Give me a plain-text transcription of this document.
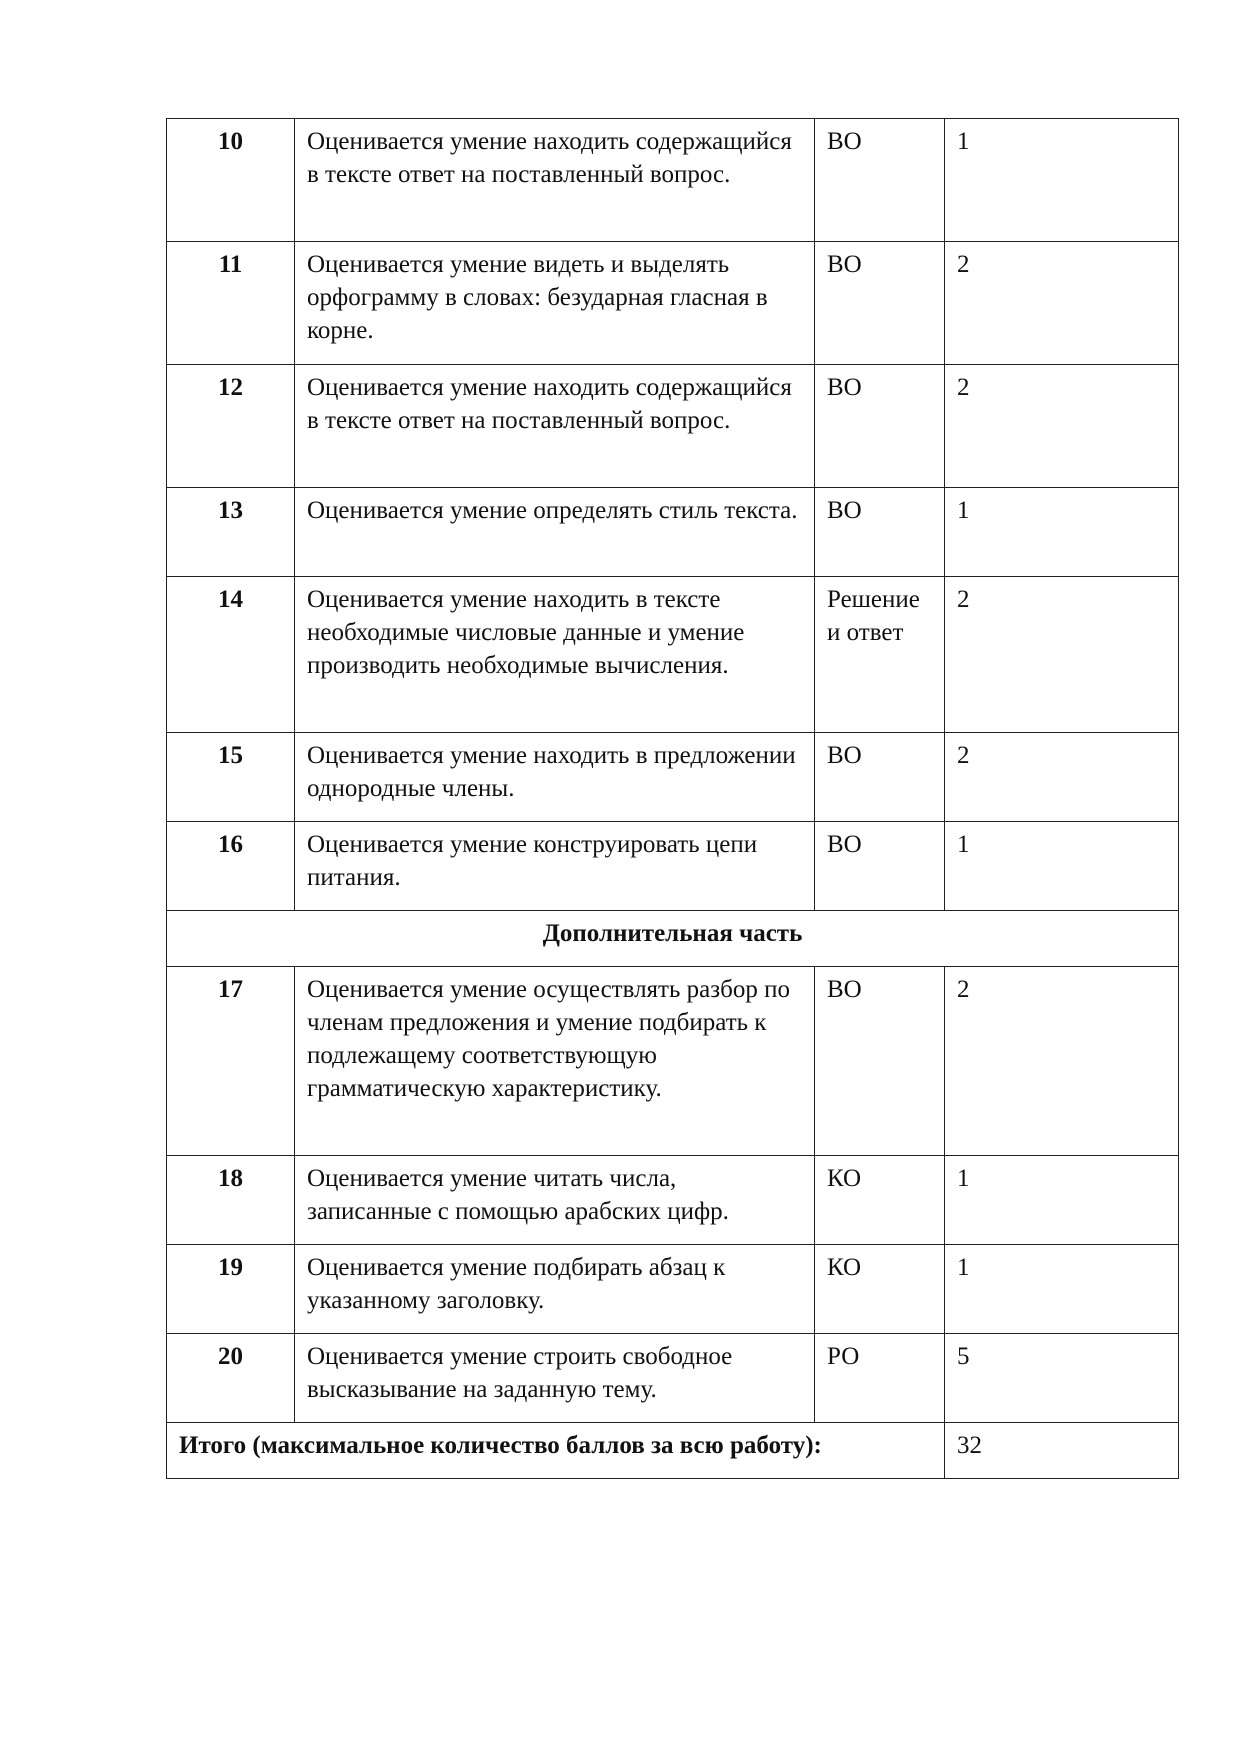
10	Оценивается умение находить содержащийся в тексте ответ на поставленный вопрос.	ВО	1
11	Оценивается умение видеть и выделять орфограмму в словах: безударная гласная в корне.	ВО	2
12	Оценивается умение находить содержащийся в тексте ответ на поставленный вопрос.	ВО	2
13	Оценивается умение определять стиль текста.	ВО	1
14	Оценивается умение находить в тексте необходимые числовые данные и умение производить необходимые вычисления.	Решение и ответ	2
15	Оценивается умение находить в предложении однородные члены.	ВО	2
16	Оценивается умение конструировать цепи питания.	ВО	1
Дополнительная часть			
17	Оценивается умение осуществлять разбор по членам предложения и умение подбирать к подлежащему соответствующую грамматическую характеристику.	ВО	2
18	Оценивается умение читать числа, записанные с помощью арабских цифр.	КО	1
19	Оценивается умение подбирать абзац к указанному заголовку.	КО	1
20	Оценивается умение строить свободное высказывание на заданную тему.	РО	5
Итого (максимальное количество баллов за всю работу):			32
